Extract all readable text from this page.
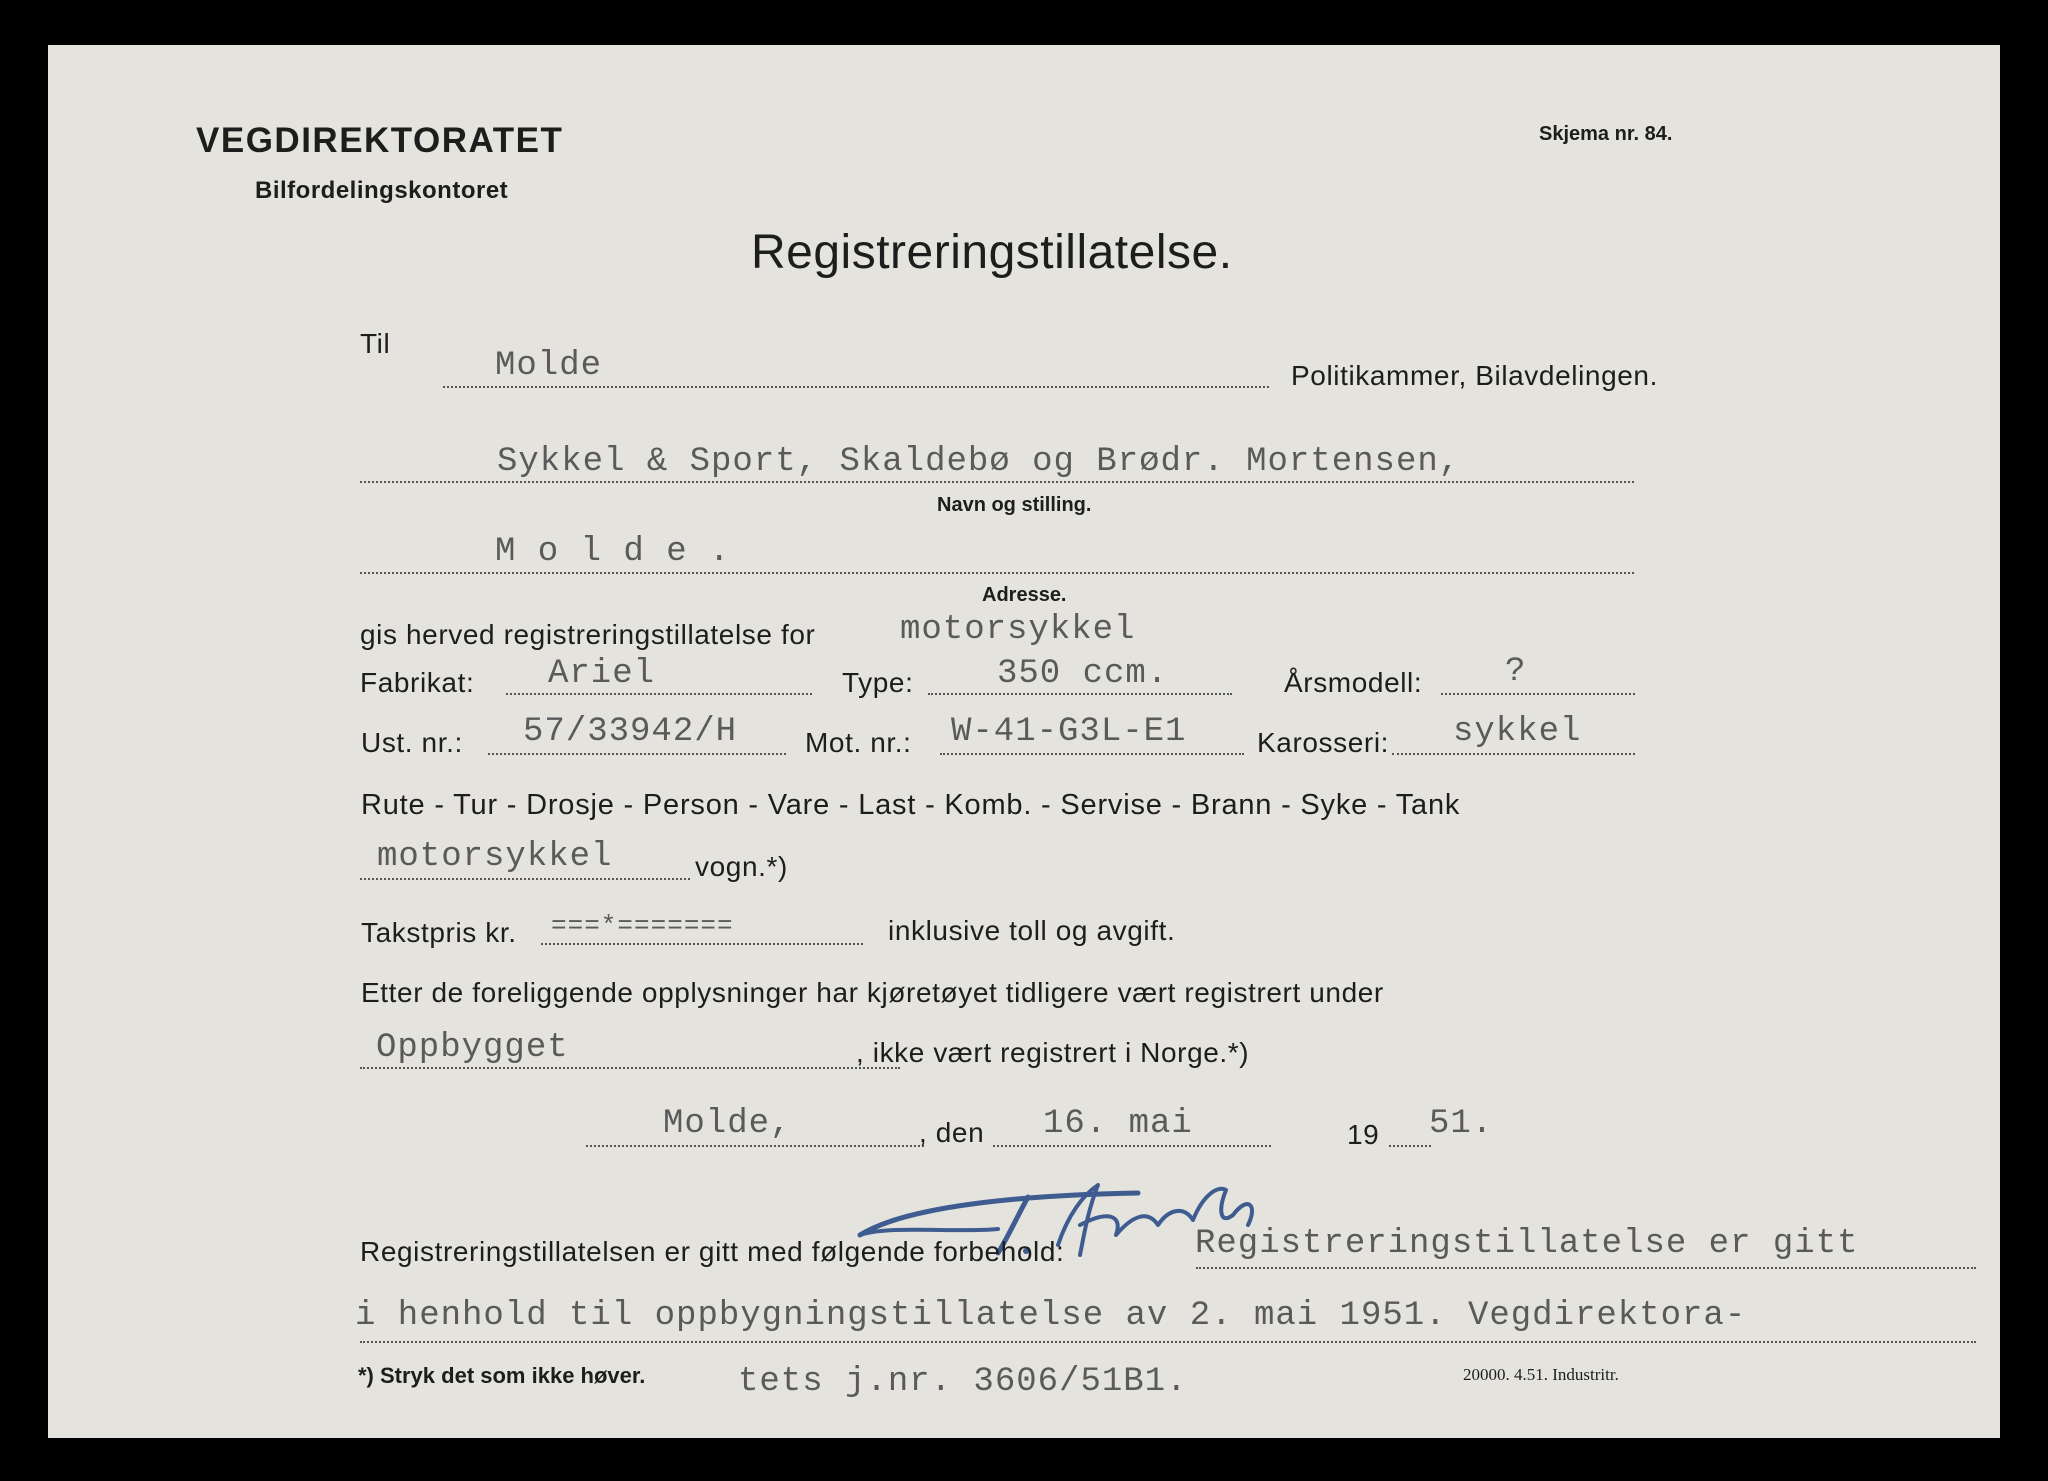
VEGDIREKTORATET
Bilfordelingskontoret
Skjema nr. 84.
Registreringstillatelse.
Til
Molde	Politikammer, Bilavdelingen.
Sykkel & Sport, Skaldebø og Brødr. Mortensen,
Navn og stilling.
M o l d e .
Adresse.
gis herved registreringstillatelse for motorsykkel
Fabrikat: Ariel	Type: 350 ccm.	Årsmodell: ?
Ust. nr.: 57/33942/H Mot. nr.: W-41-G3L-E1	Karosseri: sykkel
Rute - Tur - Drosje - Person - Vare - Last - Komb. - Servise - Brann - Syke - Tank
motorsykkel	vogn.*)
Takstpris kr. ===*=======	inklusive toll og avgift.
Etter de foreliggende opplysninger har kjøretøyet tidligere vært registrert under
Oppbygget	, ikke vært registrert i Norge.*)
Molde,	, den 16. mai	19 51.
Registreringstillatelsen er gitt med følgende forbehold:	Registreringstillatelse er gitt
i henhold til oppbygningstillatelse av 2. mai 1951. Vegdirektora-
tets j.nr. 3606/51B1.
*) Stryk det som ikke høver.	20000. 4.51. Industritr.
